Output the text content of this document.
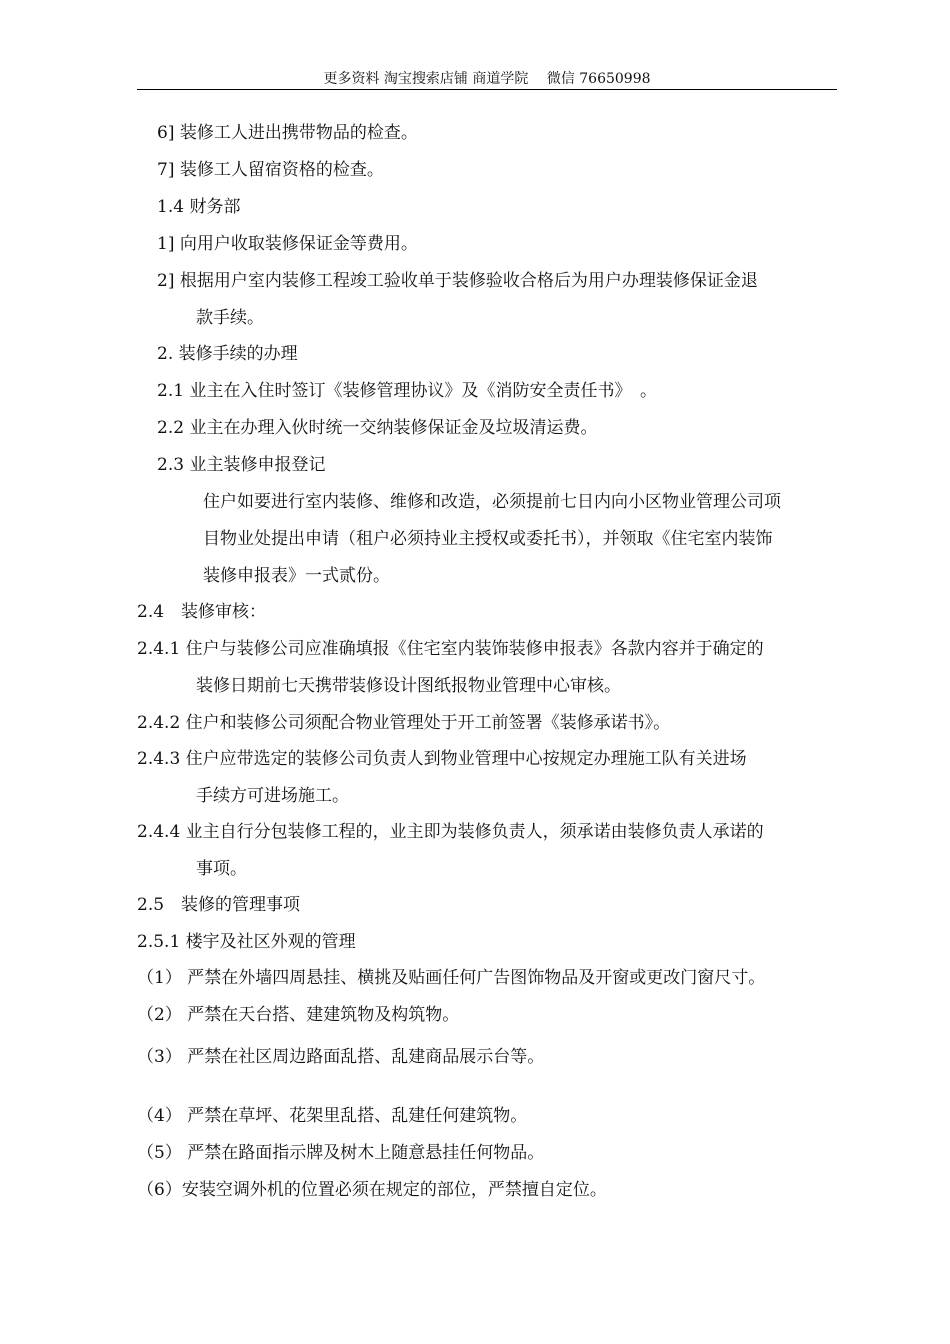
更多资料 淘宝搜索店铺 商道学院　 微信 76650998
6] 装修工人进出携带物品的检查。
7] 装修工人留宿资格的检查。
1.4 财务部
1] 向用户收取装修保证金等费用。
2] 根据用户室内装修工程竣工验收单于装修验收合格后为用户办理装修保证金退
款手续。
2. 装修手续的办理
2.1 业主在入住时签订《装修管理协议》及《消防安全责任书》　。
2.2 业主在办理入伙时统一交纳装修保证金及垃圾清运费。
2.3 业主装修申报登记
住户如要进行室内装修、维修和改造，必须提前七日内向小区物业管理公司项
目物业处提出申请（租户必须持业主授权或委托书），并领取《住宅室内装饰
装修申报表》一式贰份。
2.4　装修审核：
2.4.1 住户与装修公司应准确填报《住宅室内装饰装修申报表》各款内容并于确定的
装修日期前七天携带装修设计图纸报物业管理中心审核。
2.4.2 住户和装修公司须配合物业管理处于开工前签署《装修承诺书》。
2.4.3 住户应带选定的装修公司负责人到物业管理中心按规定办理施工队有关进场
手续方可进场施工。
2.4.4 业主自行分包装修工程的，业主即为装修负责人，须承诺由装修负责人承诺的
事项。
2.5　装修的管理事项
2.5.1 楼宇及社区外观的管理
（1） 严禁在外墙四周悬挂、横挑及贴画任何广告图饰物品及开窗或更改门窗尺寸。
（2） 严禁在天台搭、建建筑物及构筑物。
（3） 严禁在社区周边路面乱搭、乱建商品展示台等。
（4） 严禁在草坪、花架里乱搭、乱建任何建筑物。
（5） 严禁在路面指示牌及树木上随意悬挂任何物品。
（6）安装空调外机的位置必须在规定的部位，严禁擅自定位。
